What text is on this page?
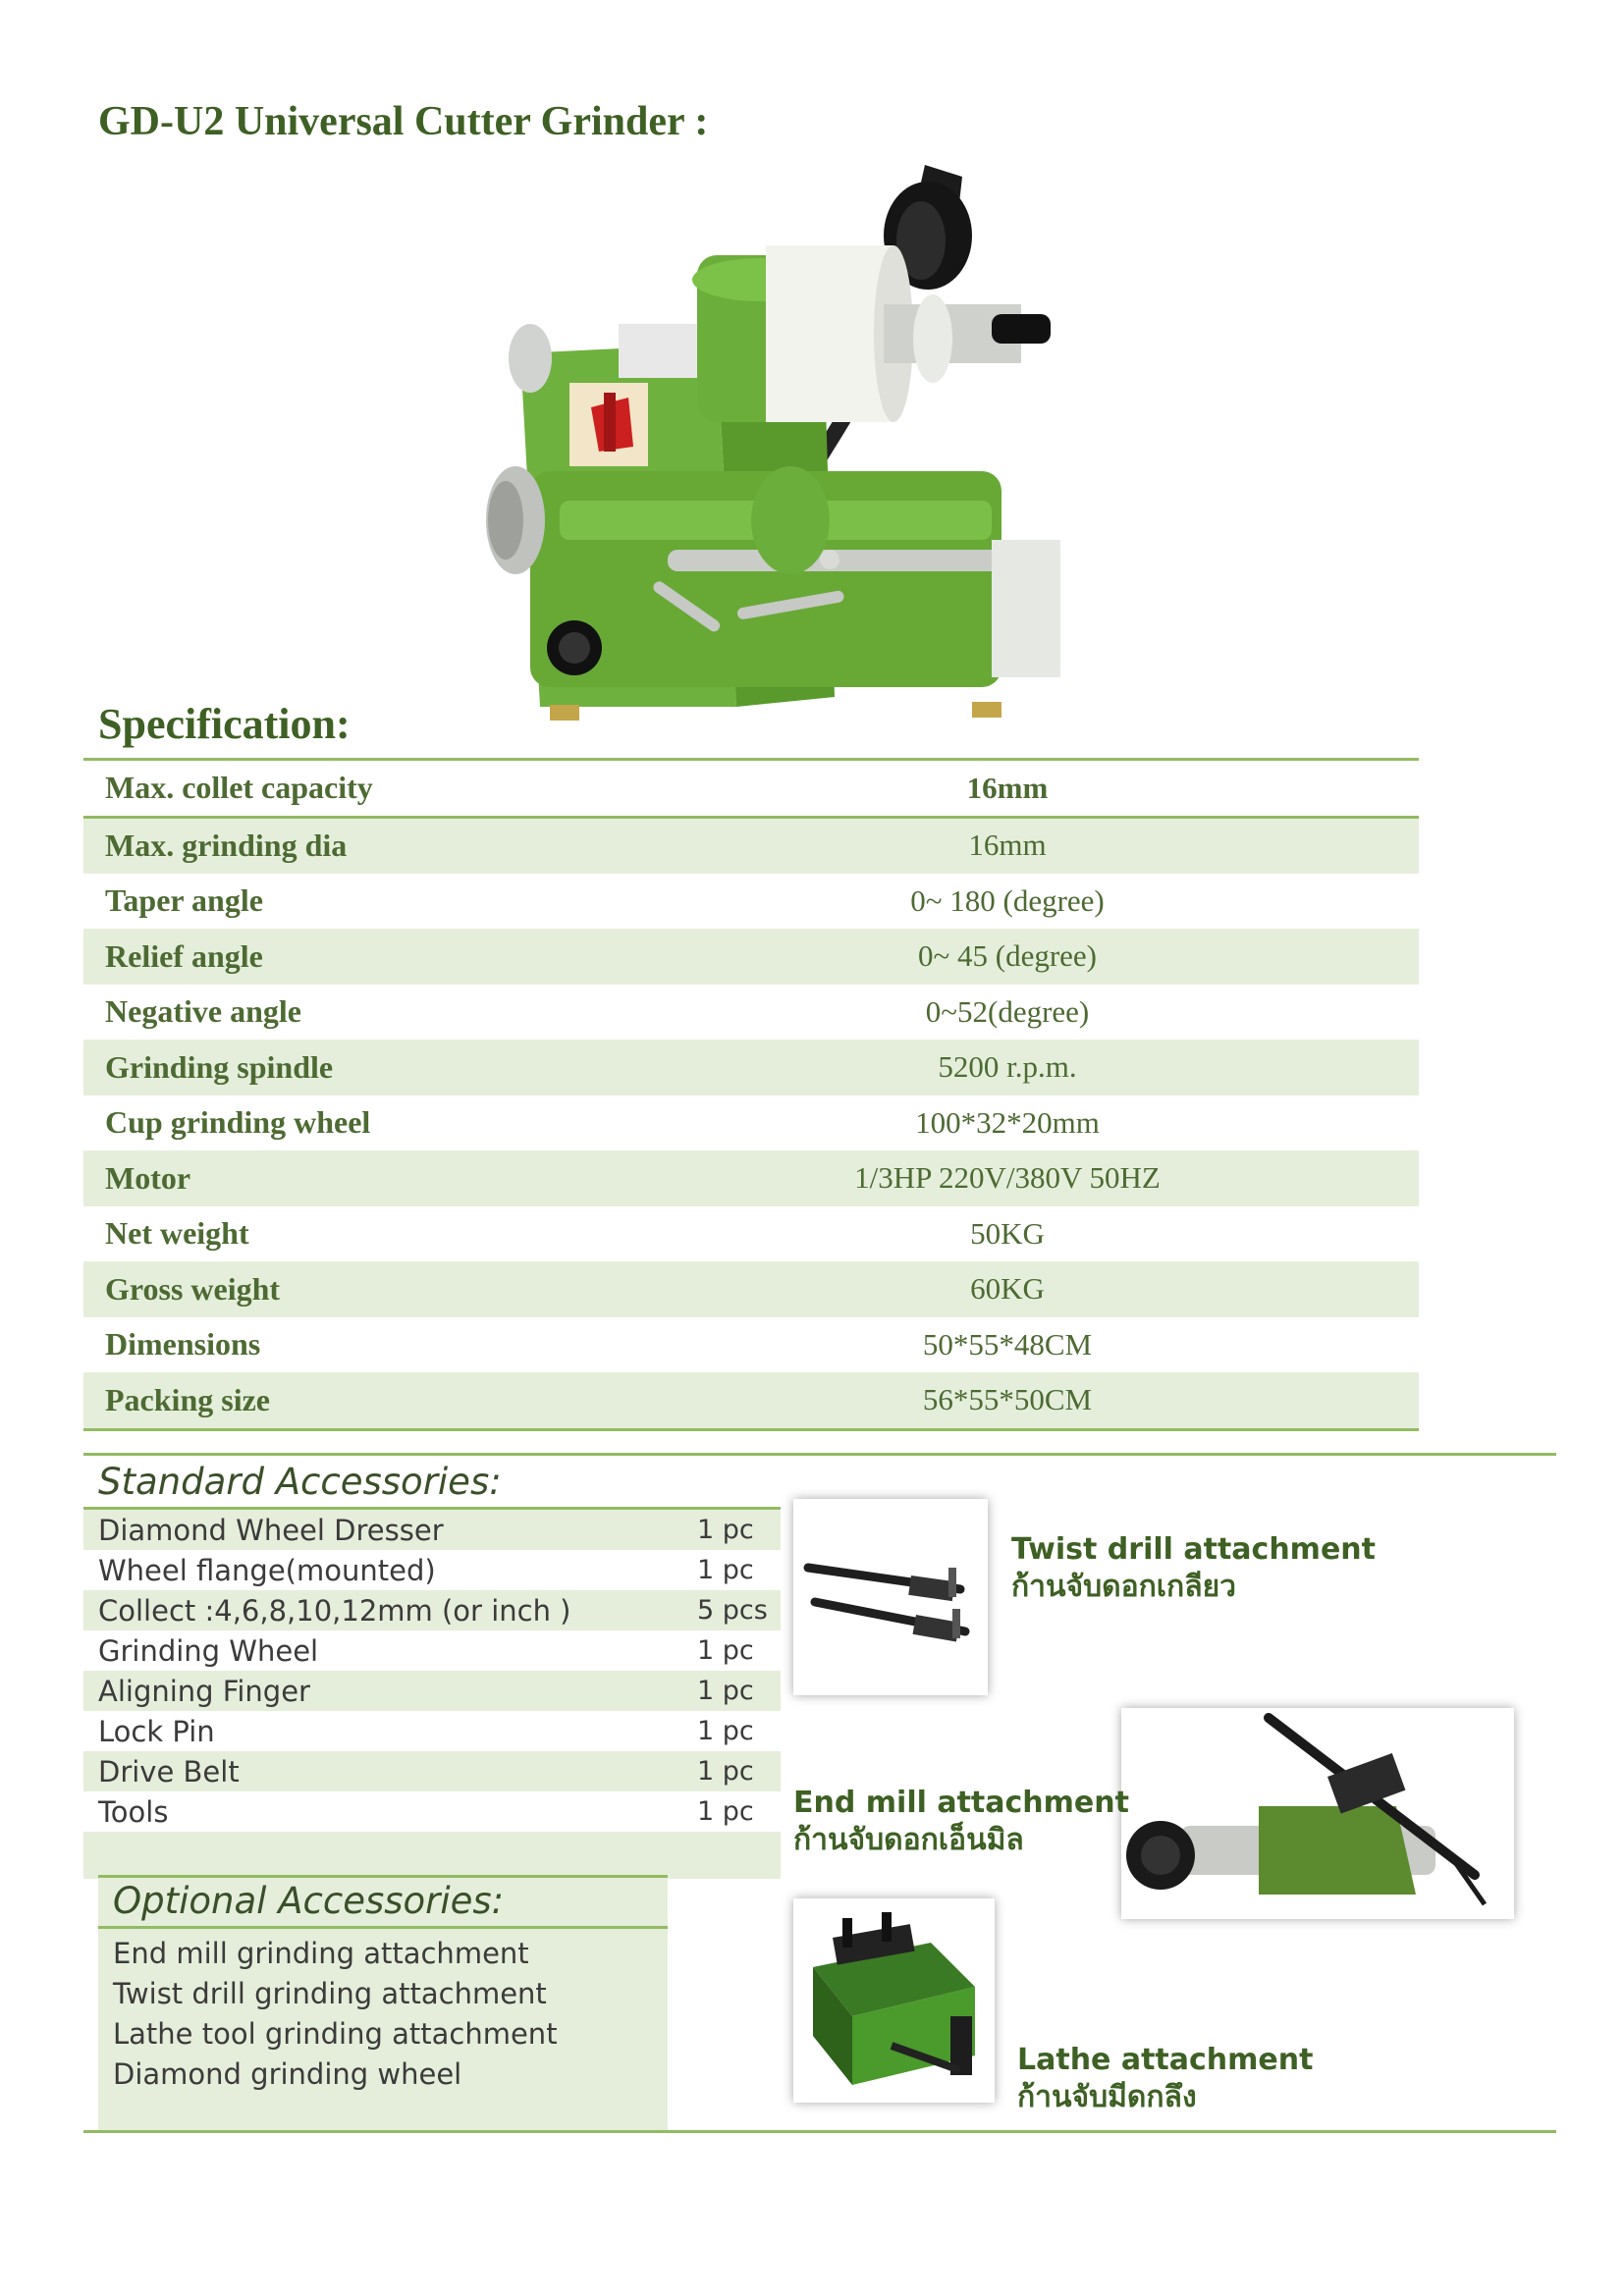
GD-U2 Universal Cutter Grinder :
Specification:
Max. collet capacity	16mm
Max. grinding dia	16mm
Taper angle	0~ 180 (degree)
Relief angle	0~ 45 (degree)
Negative angle	0~52(degree)
Grinding spindle	5200 r.p.m.
Cup grinding wheel	100*32*20mm
Motor	1/3HP 220V/380V 50HZ
Net weight	50KG
Gross weight	60KG
Dimensions	50*55*48CM
Packing size	56*55*50CM
Standard Accessories:
Diamond Wheel Dresser	1 pc
Wheel flange(mounted)	1 pc
Collect :4,6,8,10,12mm (or inch )	5 pcs
Grinding Wheel	1 pc
Aligning Finger	1 pc
Lock Pin	1 pc
Drive Belt	1 pc
Tools	1 pc
Optional Accessories:
End mill grinding attachment
Twist drill grinding attachment
Lathe tool grinding attachment
Diamond grinding wheel
Twist drill attachment
ก้านจับดอกเกลียว
End mill attachment
ก้านจับดอกเอ็นมิล
Lathe attachment
ก้านจับมีดกลึง
